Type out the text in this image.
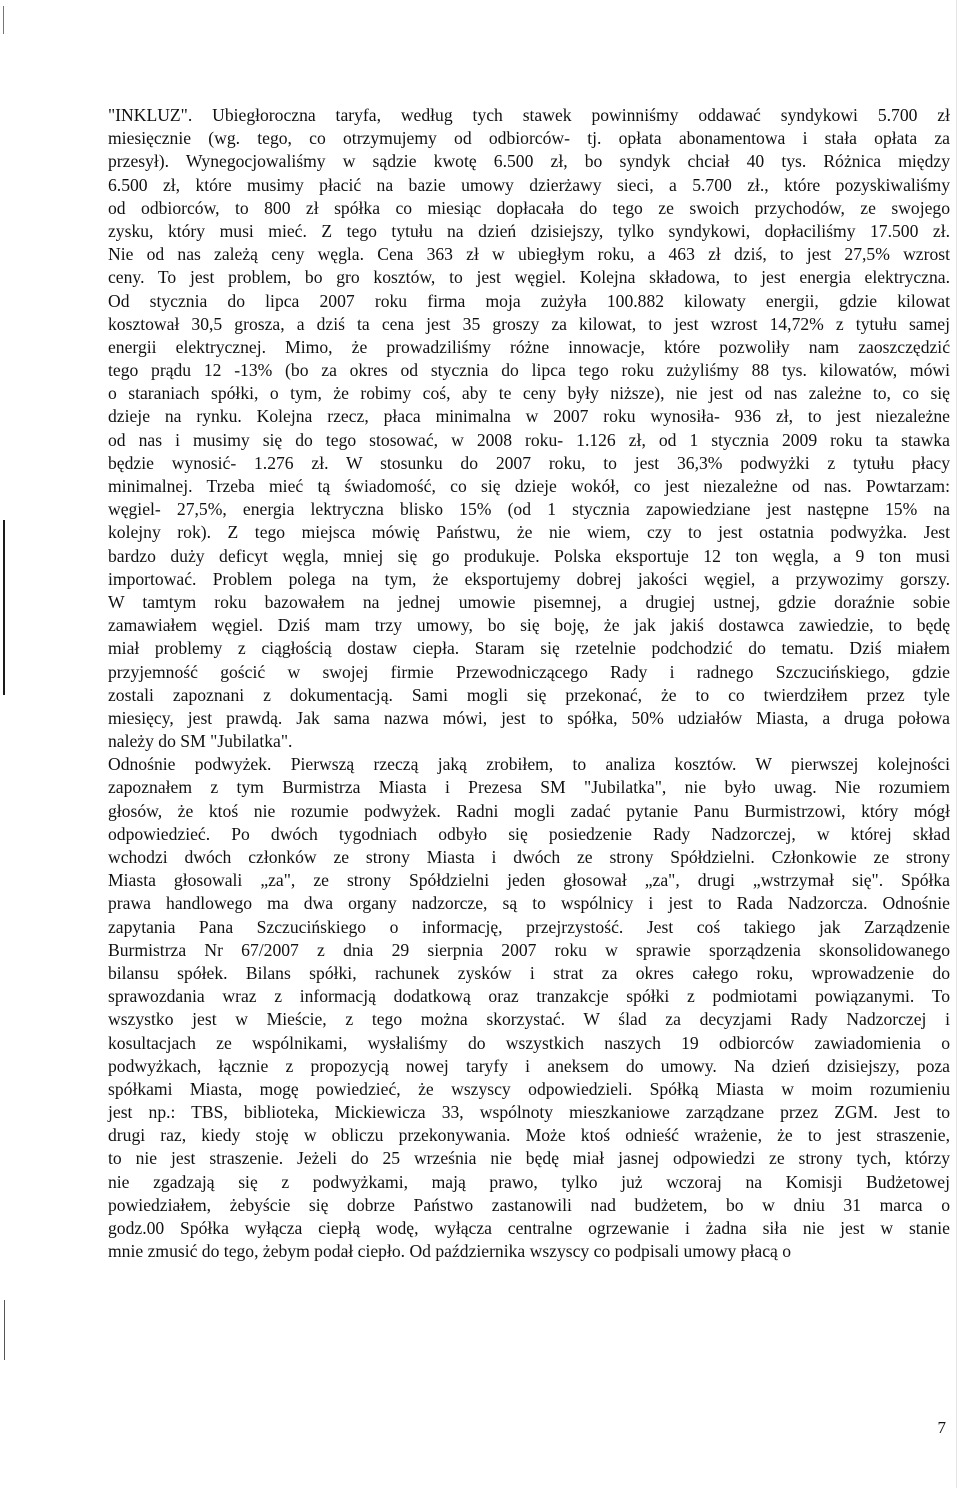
"INKLUZ". Ubiegłoroczna taryfa, według tych stawek powinniśmy oddawać syndykowi 5.700 zł
miesięcznie (wg. tego, co otrzymujemy od odbiorców- tj. opłata abonamentowa i stała opłata za
przesył). Wynegocjowaliśmy w sądzie kwotę 6.500 zł, bo syndyk chciał 40 tys. Różnica między
6.500 zł, które musimy płacić na bazie umowy dzierżawy sieci, a 5.700 zł., które pozyskiwaliśmy
od odbiorców, to 800 zł spółka co miesiąc dopłacała do tego ze swoich przychodów, ze swojego
zysku, który musi mieć. Z tego tytułu na dzień dzisiejszy, tylko syndykowi, dopłaciliśmy 17.500 zł.
Nie od nas zależą ceny węgla. Cena 363 zł w ubiegłym roku, a 463 zł dziś, to jest 27,5% wzrost
ceny. To jest problem, bo gro kosztów, to jest węgiel. Kolejna składowa, to jest energia elektryczna.
Od stycznia do lipca 2007 roku firma moja zużyła 100.882 kilowaty energii, gdzie kilowat
kosztował 30,5 grosza, a dziś ta cena jest 35 groszy za kilowat, to jest wzrost 14,72% z tytułu samej
energii elektrycznej. Mimo, że prowadziliśmy różne innowacje, które pozwoliły nam zaoszczędzić
tego prądu 12 -13% (bo za okres od stycznia do lipca tego roku zużyliśmy 88 tys. kilowatów, mówi
o staraniach spółki, o tym, że robimy coś, aby te ceny były niższe), nie jest od nas zależne to, co się
dzieje na rynku. Kolejna rzecz, płaca minimalna w 2007 roku wynosiła- 936 zł, to jest niezależne
od nas i musimy się do tego stosować, w 2008 roku- 1.126 zł, od 1 stycznia 2009 roku ta stawka
będzie wynosić- 1.276 zł. W stosunku do 2007 roku, to jest 36,3% podwyżki z tytułu płacy
minimalnej. Trzeba mieć tą świadomość, co się dzieje wokół, co jest niezależne od nas. Powtarzam:
węgiel- 27,5%, energia lektryczna blisko 15% (od 1 stycznia zapowiedziane jest następne 15% na
kolejny rok). Z tego miejsca mówię Państwu, że nie wiem, czy to jest ostatnia podwyżka. Jest
bardzo duży deficyt węgla, mniej się go produkuje. Polska eksportuje 12 ton węgla, a 9 ton musi
importować. Problem polega na tym, że eksportujemy dobrej jakości węgiel, a przywozimy gorszy.
W tamtym roku bazowałem na jednej umowie pisemnej, a drugiej ustnej, gdzie doraźnie sobie
zamawiałem węgiel. Dziś mam trzy umowy, bo się boję, że jak jakiś dostawca zawiedzie, to będę
miał problemy z ciągłością dostaw ciepła. Staram się rzetelnie podchodzić do tematu. Dziś miałem
przyjemność gościć w swojej firmie Przewodniczącego Rady i radnego Szczucińskiego, gdzie
zostali zapoznani z dokumentacją. Sami mogli się przekonać, że to co twierdziłem przez tyle
miesięcy, jest prawdą. Jak sama nazwa mówi, jest to spółka, 50% udziałów Miasta, a druga połowa
należy do SM "Jubilatka".
Odnośnie podwyżek. Pierwszą rzeczą jaką zrobiłem, to analiza kosztów. W pierwszej kolejności
zapoznałem z tym Burmistrza Miasta i Prezesa SM "Jubilatka", nie było uwag. Nie rozumiem
głosów, że ktoś nie rozumie podwyżek. Radni mogli zadać pytanie Panu Burmistrzowi, który mógł
odpowiedzieć. Po dwóch tygodniach odbyło się posiedzenie Rady Nadzorczej, w której skład
wchodzi dwóch członków ze strony Miasta i dwóch ze strony Spółdzielni. Członkowie ze strony
Miasta głosowali „za", ze strony Spółdzielni jeden głosował „za", drugi „wstrzymał się". Spółka
prawa handlowego ma dwa organy nadzorcze, są to wspólnicy i jest to Rada Nadzorcza. Odnośnie
zapytania Pana Szczucińskiego o informację, przejrzystość. Jest coś takiego jak Zarządzenie
Burmistrza Nr 67/2007 z dnia 29 sierpnia 2007 roku w sprawie sporządzenia skonsolidowanego
bilansu spółek. Bilans spółki, rachunek zysków i strat za okres całego roku, wprowadzenie do
sprawozdania wraz z informacją dodatkową oraz tranzakcje spółki z podmiotami powiązanymi. To
wszystko jest w Mieście, z tego można skorzystać. W ślad za decyzjami Rady Nadzorczej i
kosultacjach ze wspólnikami, wysłaliśmy do wszystkich naszych 19 odbiorców zawiadomienia o
podwyżkach, łącznie z propozycją nowej taryfy i aneksem do umowy. Na dzień dzisiejszy, poza
spółkami Miasta, mogę powiedzieć, że wszyscy odpowiedzieli. Spółką Miasta w moim rozumieniu
jest np.: TBS, biblioteka, Mickiewicza 33, wspólnoty mieszkaniowe zarządzane przez ZGM. Jest to
drugi raz, kiedy stoję w obliczu przekonywania. Może ktoś odnieść wrażenie, że to jest straszenie,
to nie jest straszenie. Jeżeli do 25 września nie będę miał jasnej odpowiedzi ze strony tych, którzy
nie zgadzają się z podwyżkami, mają prawo, tylko już wczoraj na Komisji Budżetowej
powiedziałem, żebyście się dobrze Państwo zastanowili nad budżetem, bo w dniu 31 marca o
godz.00 Spółka wyłącza ciepłą wodę, wyłącza centralne ogrzewanie i żadna siła nie jest w stanie
mnie zmusić do tego, żebym podał ciepło. Od października wszyscy co podpisali umowy płacą o
7
